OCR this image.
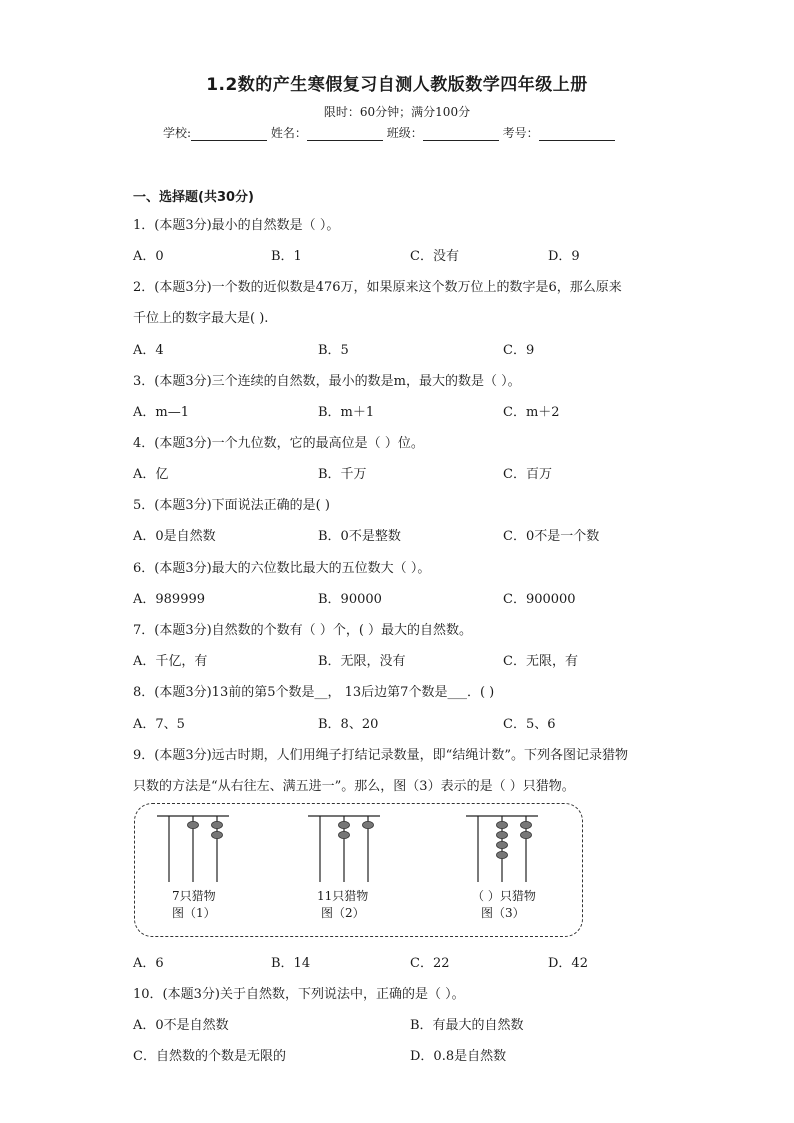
1.2数的产生寒假复习自测人教版数学四年级上册
限时：60分钟；满分100分
学校:	姓名：	班级：	考号：
一、选择题(共30分)
1．(本题3分)最小的自然数是（ ）。
A．0	B．1	C．没有	D．9
2．(本题3分)一个数的近似数是476万，如果原来这个数万位上的数字是6，那么原来
千位上的数字最大是( ).
A．4	B．5	C．9
3．(本题3分)三个连续的自然数，最小的数是m，最大的数是（ ）。
A．m—1	B．m＋1	C．m＋2
4．(本题3分)一个九位数，它的最高位是（ ）位。
A．亿	B．千万	C．百万
5．(本题3分)下面说法正确的是( )
A．0是自然数	B．0不是整数	C．0不是一个数
6．(本题3分)最大的六位数比最大的五位数大（ ）。
A．989999	B．90000	C．900000
7．(本题3分)自然数的个数有（ ）个，( ）最大的自然数。
A．千亿，有	B．无限，没有	C．无限，有
8．(本题3分)13前的第5个数是__， 13后边第7个数是___．( )
A．7、5	B．8、20	C．5、6
9．(本题3分)远古时期，人们用绳子打结记录数量，即“结绳计数”。下列各图记录猎物
只数的方法是“从右往左、满五进一”。那么，图（3）表示的是（ ）只猎物。
7只猎物
图（1）
11只猎物
图（2）
（ ）只猎物
图（3）
A．6	B．14	C．22	D．42
10．(本题3分)关于自然数，下列说法中，正确的是（ ）。
A．0不是自然数	B．有最大的自然数
C．自然数的个数是无限的	D．0.8是自然数
